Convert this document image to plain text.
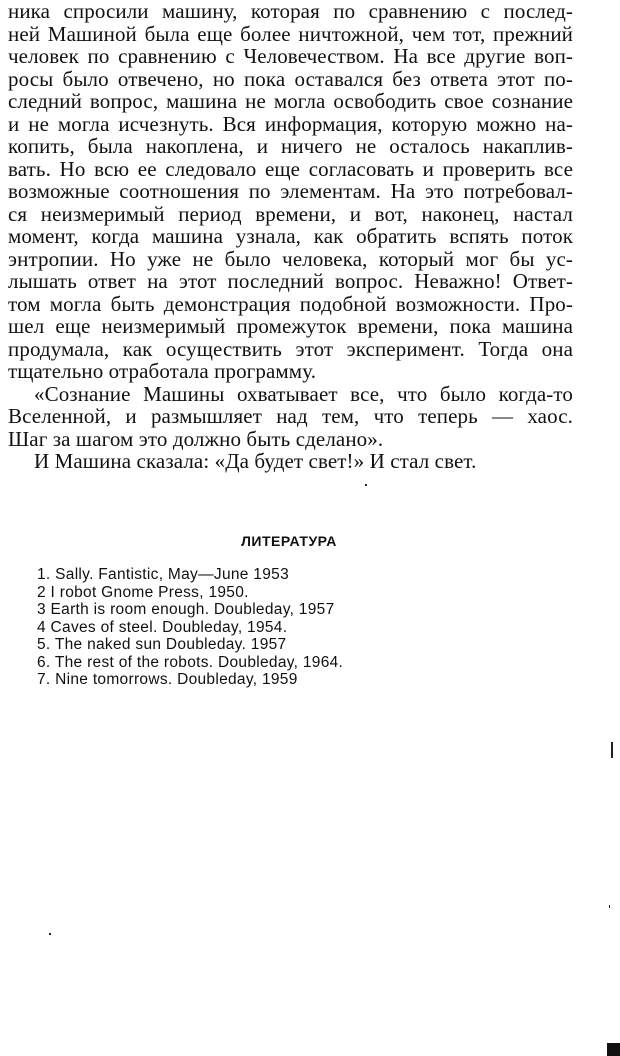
ника спросили машину, которая по сравнению с послед-
ней Машиной была еще более ничтожной, чем тот, прежний
человек по сравнению с Человечеством. На все другие воп-
росы было отвечено, но пока оставался без ответа этот по-
следний вопрос, машина не могла освободить свое сознание
и не могла исчезнуть. Вся информация, которую можно на-
копить, была накоплена, и ничего не осталось накаплив-
вать. Но всю ее следовало еще согласовать и проверить все
возможные соотношения по элементам. На это потребовал-
ся неизмеримый период времени, и вот, наконец, настал
момент, когда машина узнала, как обратить вспять поток
энтропии. Но уже не было человека, который мог бы ус-
лышать ответ на этот последний вопрос. Неважно! Ответ-
том могла быть демонстрация подобной возможности. Про-
шел еще неизмеримый промежуток времени, пока машина
продумала, как осуществить этот эксперимент. Тогда она
тщательно отработала программу.
«Сознание Машины охватывает все, что было когда-то
Вселенной, и размышляет над тем, что теперь — хаос.
Шаг за шагом это должно быть сделано».
И Машина сказала: «Да будет свет!» И стал свет.
ЛИТЕРАТУРА
1. Sally. Fantistic, May—June 1953
2 I robot Gnome Press, 1950.
3 Earth is room enough. Doubleday, 1957
4 Caves of steel. Doubleday, 1954.
5. The naked sun Doubleday. 1957
6. The rest of the robots. Doubleday, 1964.
7. Nine tomorrows. Doubleday, 1959
